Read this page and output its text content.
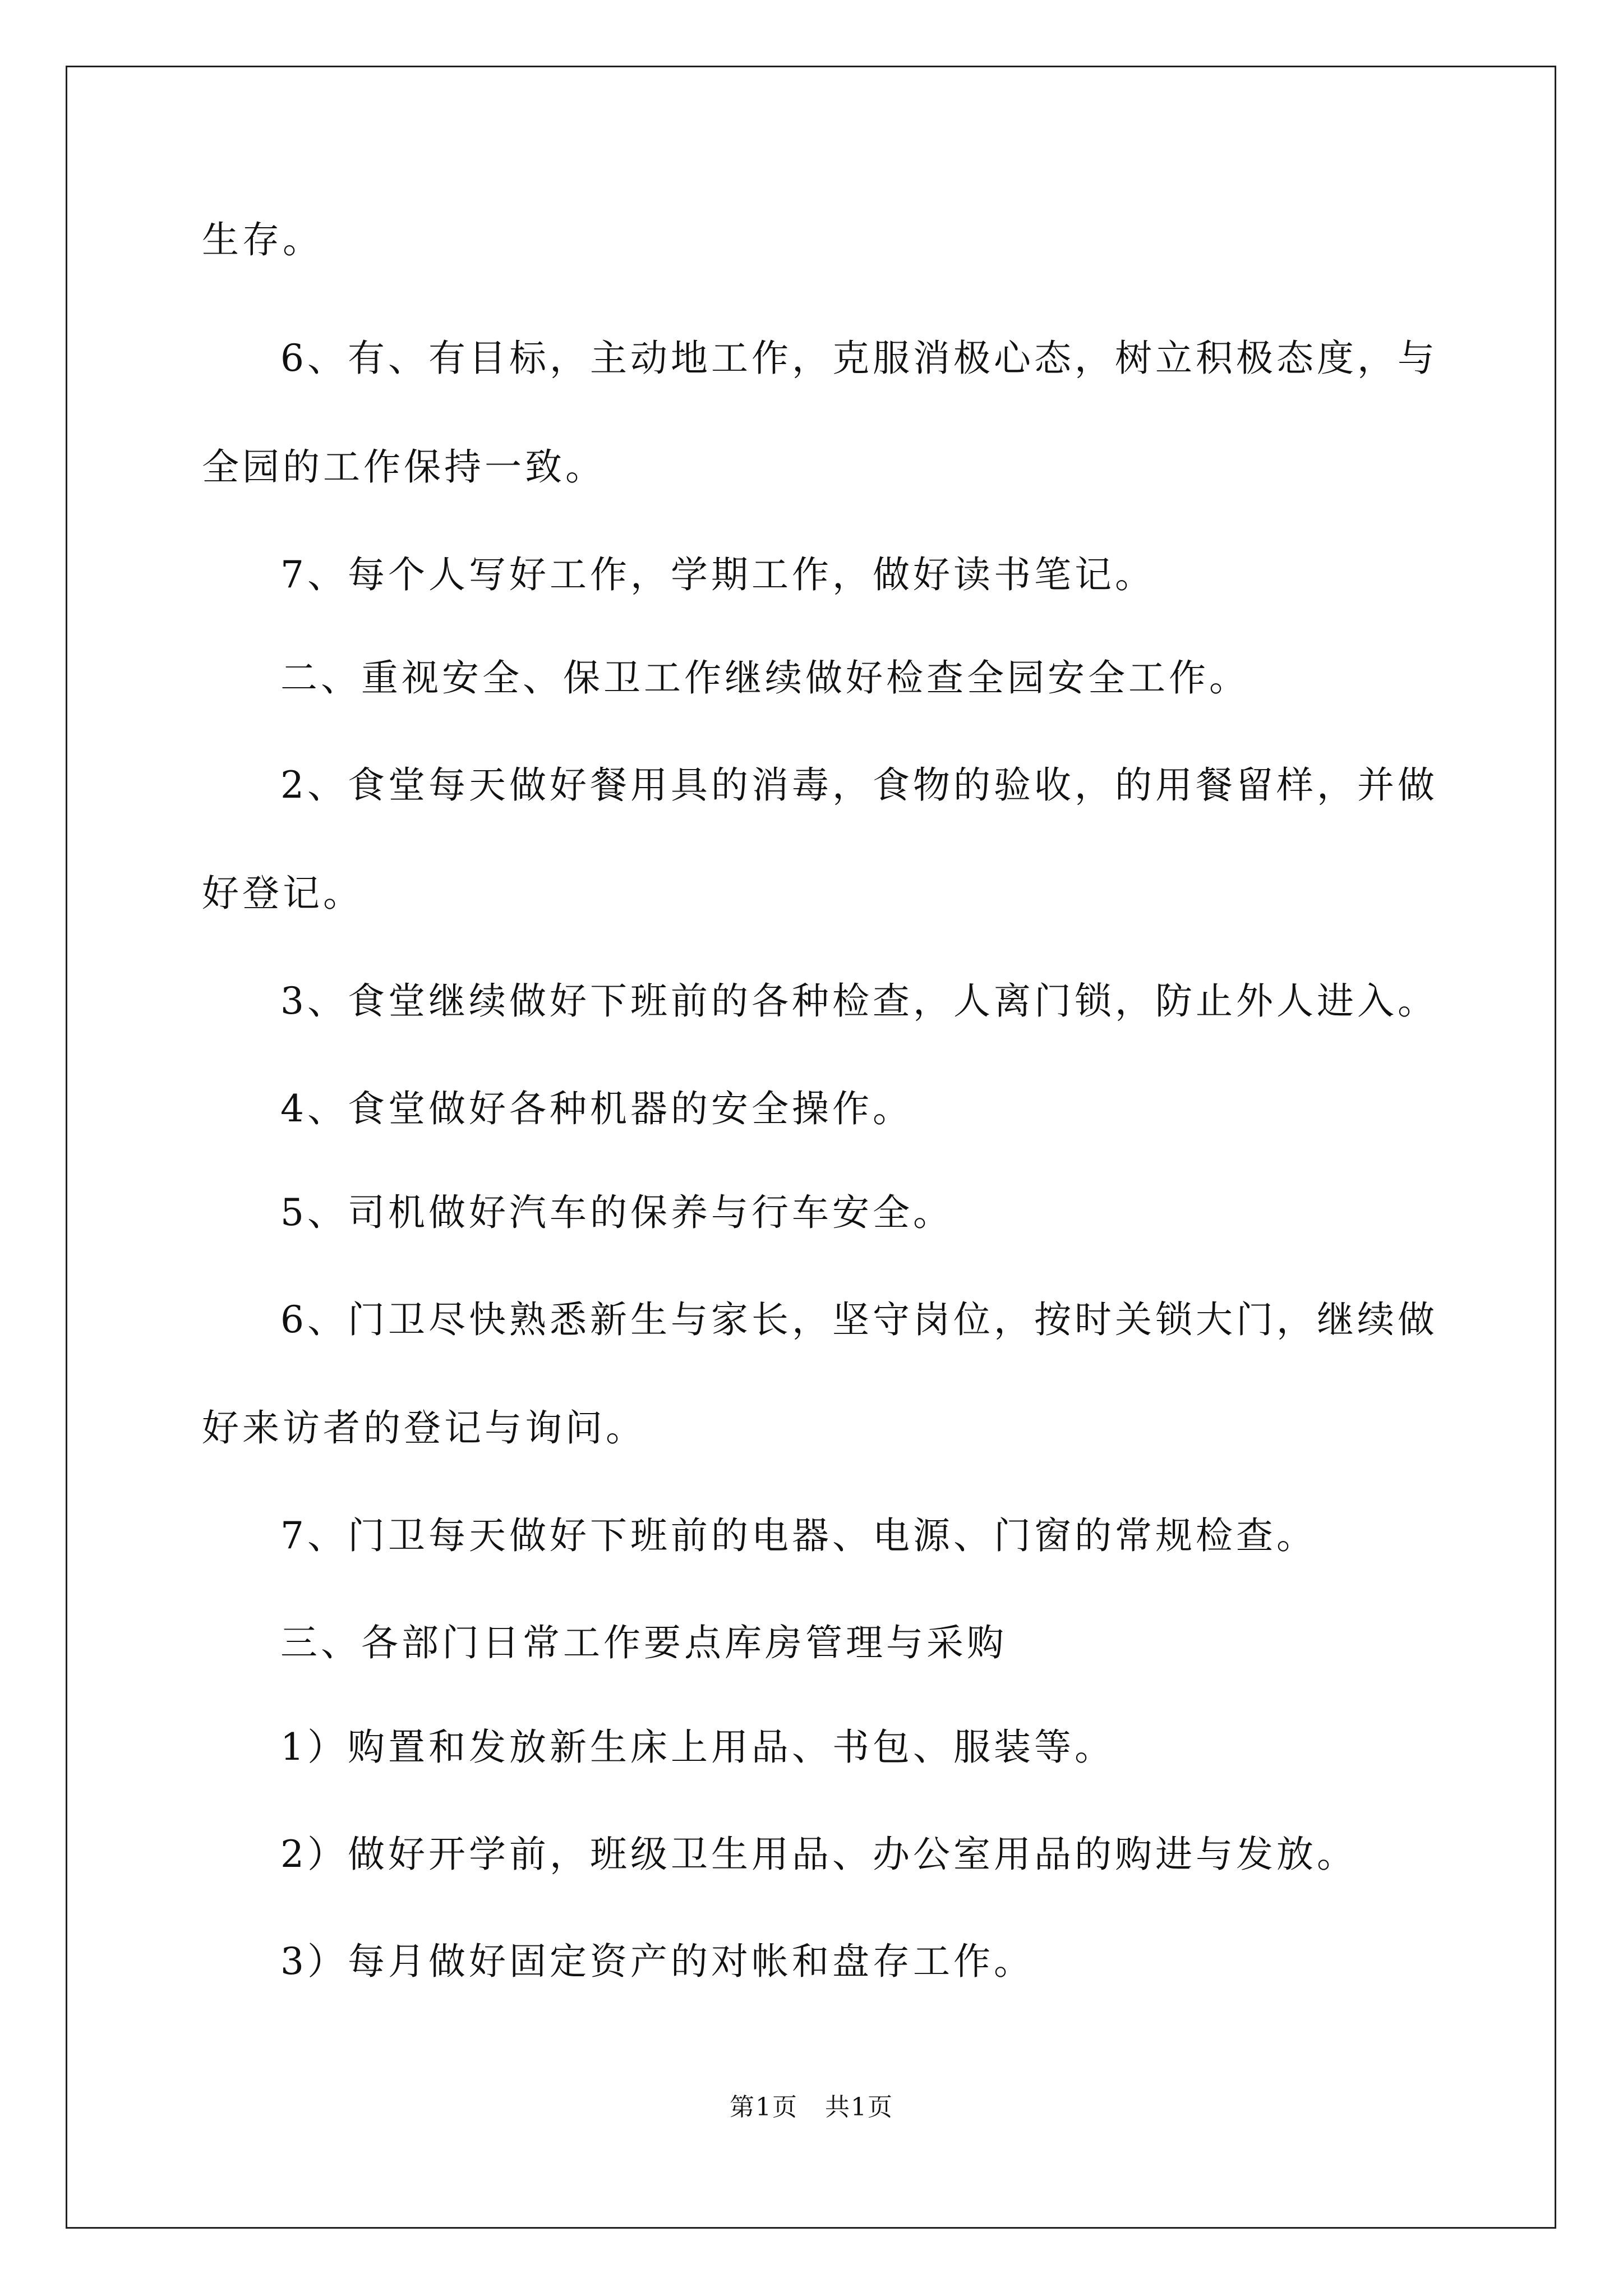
生存。

6、有、有目标，主动地工作，克服消极心态，树立积极态度，与

全园的工作保持一致。

7、每个人写好工作，学期工作，做好读书笔记。

二、重视安全、保卫工作继续做好检查全园安全工作。

2、食堂每天做好餐用具的消毒，食物的验收，的用餐留样，并做

好登记。

3、食堂继续做好下班前的各种检查，人离门锁，防止外人进入。

4、食堂做好各种机器的安全操作。

5、司机做好汽车的保养与行车安全。

6、门卫尽快熟悉新生与家长，坚守岗位，按时关锁大门，继续做

好来访者的登记与询问。

7、门卫每天做好下班前的电器、电源、门窗的常规检查。

三、各部门日常工作要点库房管理与采购

1）购置和发放新生床上用品、书包、服装等。

2）做好开学前，班级卫生用品、办公室用品的购进与发放。

3）每月做好固定资产的对帐和盘存工作。

第1页 共1页
